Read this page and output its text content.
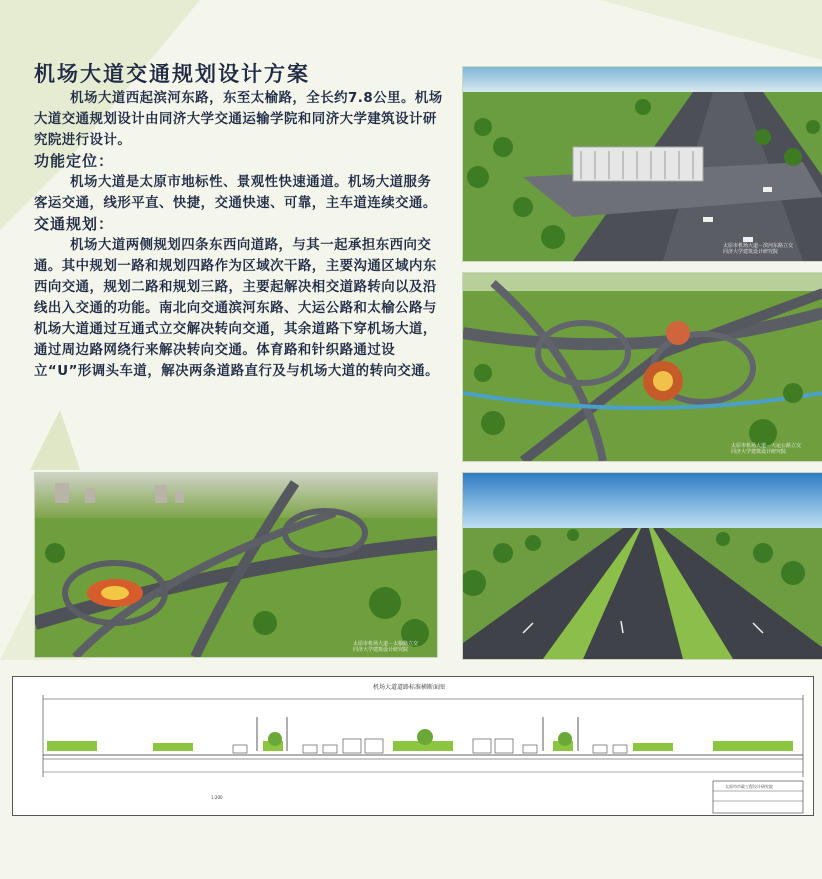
机场大道交通规划设计方案

机场大道西起滨河东路，东至太榆路，全长约7.8公里。机场大道交通规划设计由同济大学交通运输学院和同济大学建筑设计研究院进行设计。

功能定位：

机场大道是太原市地标性、景观性快速通道。机场大道服务客运交通，线形平直、快捷，交通快速、可靠，主车道连续交通。

交通规划：

机场大道两侧规划四条东西向道路，与其一起承担东西向交通。其中规划一路和规划四路作为区域次干路，主要沟通区域内东西向交通，规划二路和规划三路，主要起解决相交道路转向以及沿线出入交通的功能。南北向交通滨河东路、大运公路和太榆公路与机场大道通过互通式立交解决转向交通，其余道路下穿机场大道，通过周边路网绕行来解决转向交通。体育路和针织路通过设立“U”形调头车道，解决两条道路直行及与机场大道的转向交通。

太原市机场大道－滨河东路立交
同济大学建筑设计研究院
太原市机场大道－大运公路立交
同济大学建筑设计研究院
太原市机场大道－太榆路立交
同济大学建筑设计研究院
机场大道道路标准横断面图
太原市市政工程设计研究院
1:200
